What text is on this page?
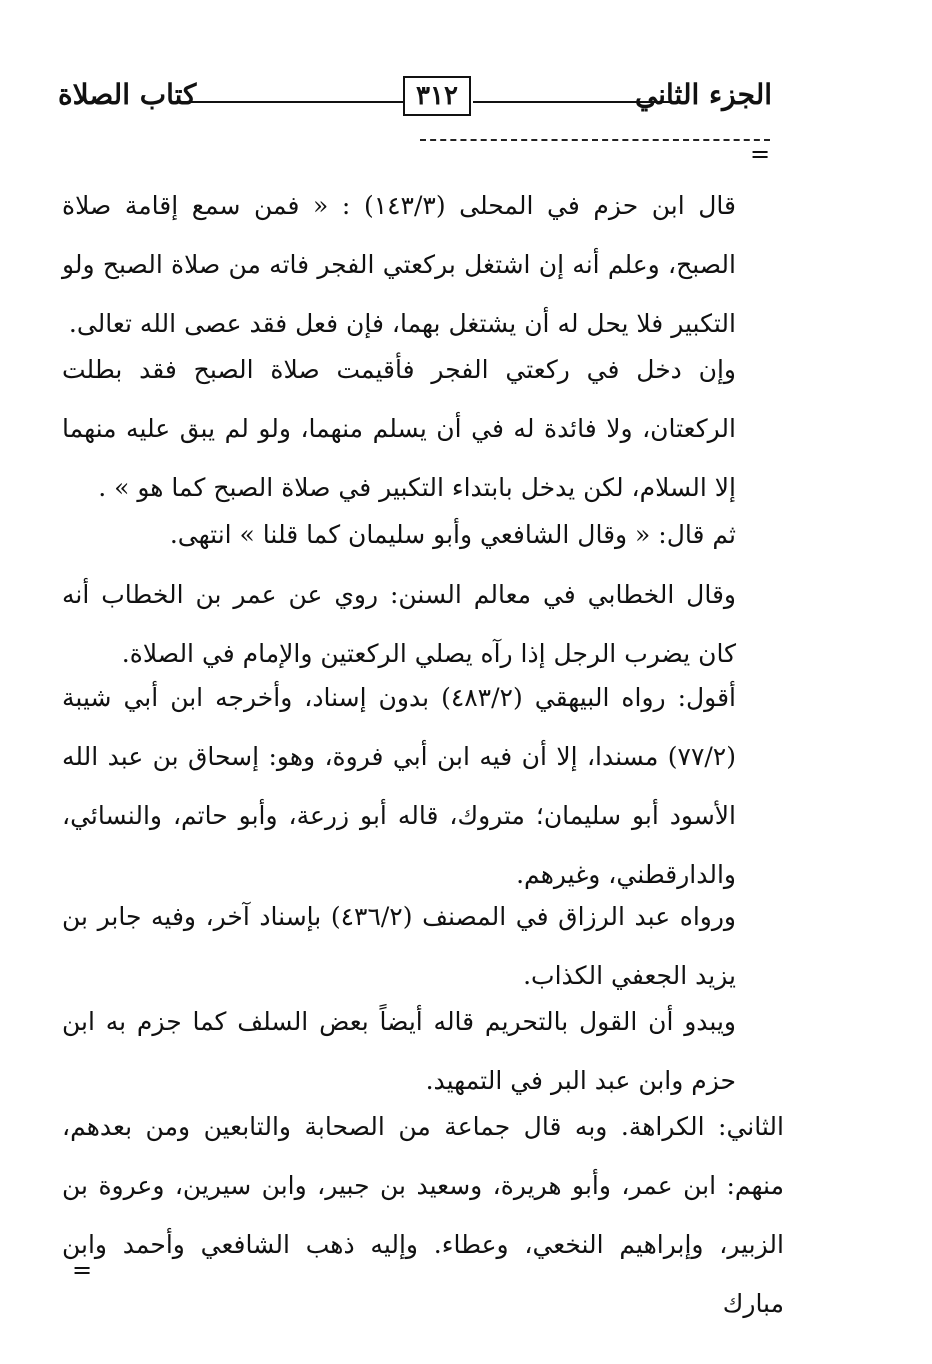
الجزء الثاني
٣١٢
كتاب الصلاة
=
قال ابن حزم في المحلى (١٤٣/٣) : « فمن سمع إقامة صلاة الصبح، وعلم أنه إن اشتغل بركعتي الفجر فاته من صلاة الصبح ولو التكبير فلا يحل له أن يشتغل بهما، فإن فعل فقد عصى الله تعالى.
وإن دخل في ركعتي الفجر فأقيمت صلاة الصبح فقد بطلت الركعتان، ولا فائدة له في أن يسلم منهما، ولو لم يبق عليه منهما إلا السلام، لكن يدخل بابتداء التكبير في صلاة الصبح كما هو » .
ثم قال: « وقال الشافعي وأبو سليمان كما قلنا » انتهى.
وقال الخطابي في معالم السنن: روي عن عمر بن الخطاب أنه كان يضرب الرجل إذا رآه يصلي الركعتين والإمام في الصلاة.
أقول: رواه البيهقي (٤٨٣/٢) بدون إسناد، وأخرجه ابن أبي شيبة (٧٧/٢) مسندا، إلا أن فيه ابن أبي فروة، وهو: إسحاق بن عبد الله الأسود أبو سليمان؛ متروك، قاله أبو زرعة، وأبو حاتم، والنسائي، والدارقطني، وغيرهم.
ورواه عبد الرزاق في المصنف (٤٣٦/٢) بإسناد آخر، وفيه جابر بن يزيد الجعفي الكذاب.
ويبدو أن القول بالتحريم قاله أيضاً بعض السلف كما جزم به ابن حزم وابن عبد البر في التمهيد.
الثاني: الكراهة. وبه قال جماعة من الصحابة والتابعين ومن بعدهم، منهم: ابن عمر، وأبو هريرة، وسعيد بن جبير، وابن سيرين، وعروة بن الزبير، وإبراهيم النخعي، وعطاء. وإليه ذهب الشافعي وأحمد وابن مبارك
=
